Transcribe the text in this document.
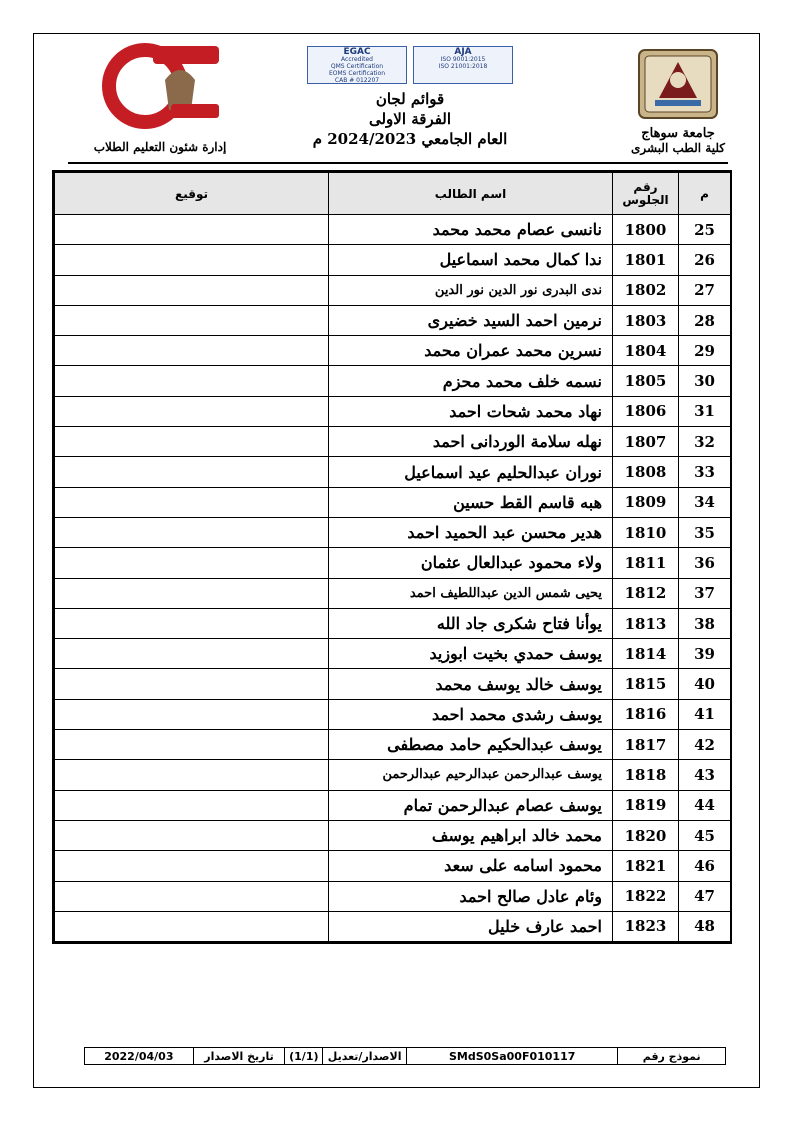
جامعة سوهاج
كلية الطب البشرى
إدارة شئون التعليم الطلاب
EGAC
Accredited
QMS Certification
EOMS Certification
CAB # 012207
AJA
ISO 9001:2015
ISO 21001:2018
قوائم لجان
الفرقة الاولى
العام الجامعي 2024/2023 م
م	رقم الجلوس	اسم الطالب	توقيع
25	1800	نانسى عصام محمد محمد	
26	1801	ندا كمال محمد اسماعيل	
27	1802	ندى البدرى نور الدين نور الدين	
28	1803	نرمين احمد السيد خضيرى	
29	1804	نسرين محمد عمران محمد	
30	1805	نسمه خلف محمد محزم	
31	1806	نهاد محمد شحات احمد	
32	1807	نهله سلامة الوردانى احمد	
33	1808	نوران عبدالحليم عيد اسماعيل	
34	1809	هبه قاسم القط حسين	
35	1810	هدير محسن عبد الحميد احمد	
36	1811	ولاء محمود عبدالعال عثمان	
37	1812	يحيى شمس الدين عبداللطيف احمد	
38	1813	يوأنا فتاح شكرى جاد الله	
39	1814	يوسف حمدي بخيت ابوزيد	
40	1815	يوسف خالد يوسف محمد	
41	1816	يوسف رشدى محمد احمد	
42	1817	يوسف عبدالحكيم حامد مصطفى	
43	1818	يوسف عبدالرحمن عبدالرحيم عبدالرحمن	
44	1819	يوسف عصام عبدالرحمن تمام	
45	1820	محمد خالد ابراهيم يوسف	
46	1821	محمود اسامه على سعد	
47	1822	وئام عادل صالح احمد	
48	1823	احمد عارف خليل	
نموذج رقم
SMdS0Sa00F010117
الاصدار/تعديل
(1/1)
تاريخ الاصدار
2022/04/03
